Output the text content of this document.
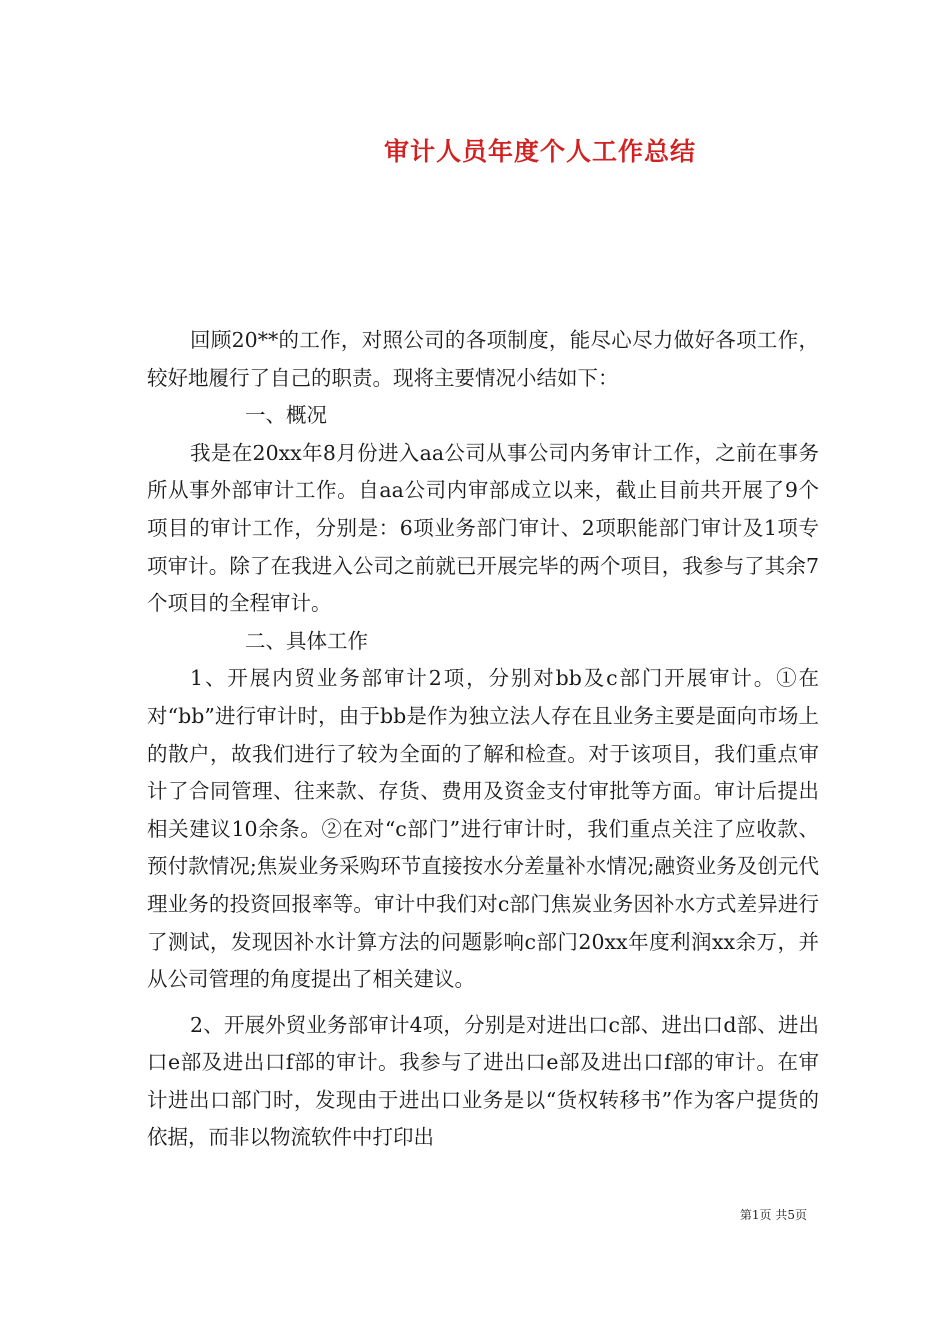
审计人员年度个人工作总结

回顾20**的工作，对照公司的各项制度，能尽心尽力做好各项工作，较好地履行了自己的职责。现将主要情况小结如下：

一、概况

我是在20xx年8月份进入aa公司从事公司内务审计工作，之前在事务所从事外部审计工作。自aa公司内审部成立以来，截止目前共开展了9个项目的审计工作，分别是：6项业务部门审计、2项职能部门审计及1项专项审计。除了在我进入公司之前就已开展完毕的两个项目，我参与了其余7个项目的全程审计。

二、具体工作

1、开展内贸业务部审计2项，分别对bb及c部门开展审计。①在对“bb”进行审计时，由于bb是作为独立法人存在且业务主要是面向市场上的散户，故我们进行了较为全面的了解和检查。对于该项目，我们重点审计了合同管理、往来款、存货、费用及资金支付审批等方面。审计后提出相关建议10余条。②在对“c部门”进行审计时，我们重点关注了应收款、预付款情况;焦炭业务采购环节直接按水分差量补水情况;融资业务及创元代理业务的投资回报率等。审计中我们对c部门焦炭业务因补水方式差异进行了测试，发现因补水计算方法的问题影响c部门20xx年度利润xx余万，并从公司管理的角度提出了相关建议。

2、开展外贸业务部审计4项，分别是对进出口c部、进出口d部、进出口e部及进出口f部的审计。我参与了进出口e部及进出口f部的审计。在审计进出口部门时，发现由于进出口业务是以“货权转移书”作为客户提货的依据，而非以物流软件中打印出

第1页 共5页
